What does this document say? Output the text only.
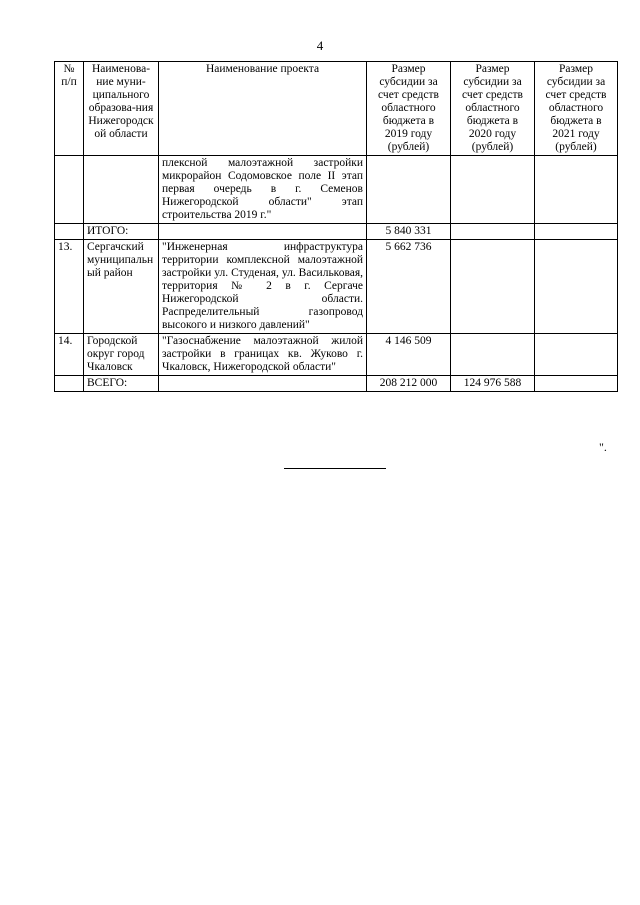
4
№ п/п	Наименова-ние муни-ципального образова-ния Нижегородской области	Наименование проекта	Размер субсидии за счет средств областного бюджета в 2019 году (рублей)	Размер субсидии за счет средств областного бюджета в 2020 году (рублей)	Размер субсидии за счет средств областного бюджета в 2021 году (рублей)
		плексной малоэтажной застройки микрорайон Содомовское поле II этап первая очередь в г. Семенов Нижегородской области" этап строительства 2019 г."			
	ИТОГО:		5 840 331		
13.	Сергачский муниципальный район	"Инженерная инфраструктура территории комплексной малоэтажной застройки ул. Студеная, ул. Васильковая, территория № 2 в г. Сергаче Нижегородской области. Распределительный газопровод высокого и низкого давлений"	5 662 736		
14.	Городской округ город Чкаловск	"Газоснабжение малоэтажной жилой застройки в границах кв. Жуково г. Чкаловск, Нижегородской области"	4 146 509		
	ВСЕГО:		208 212 000	124 976 588	
".
